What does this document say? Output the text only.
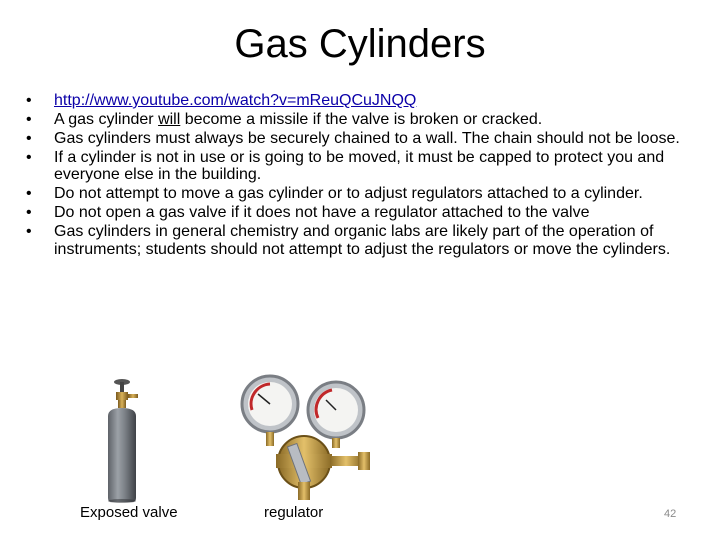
Gas Cylinders
• http://www.youtube.com/watch?v=mReuQCuJNQQ
• A gas cylinder will become a missile if the valve is broken or cracked.
• Gas cylinders must always be securely chained to a wall. The chain should not be loose.
• If a cylinder is not in use or is going to be moved, it must be capped to protect you and everyone else in the building.
• Do not attempt to move a gas cylinder or to adjust regulators attached to a cylinder.
• Do not open a gas valve if it does not have a regulator attached to the valve
• Gas cylinders in general chemistry and organic labs are likely part of the operation of instruments; students should not attempt to adjust the regulators or move the cylinders.
Exposed valve	regulator	42
